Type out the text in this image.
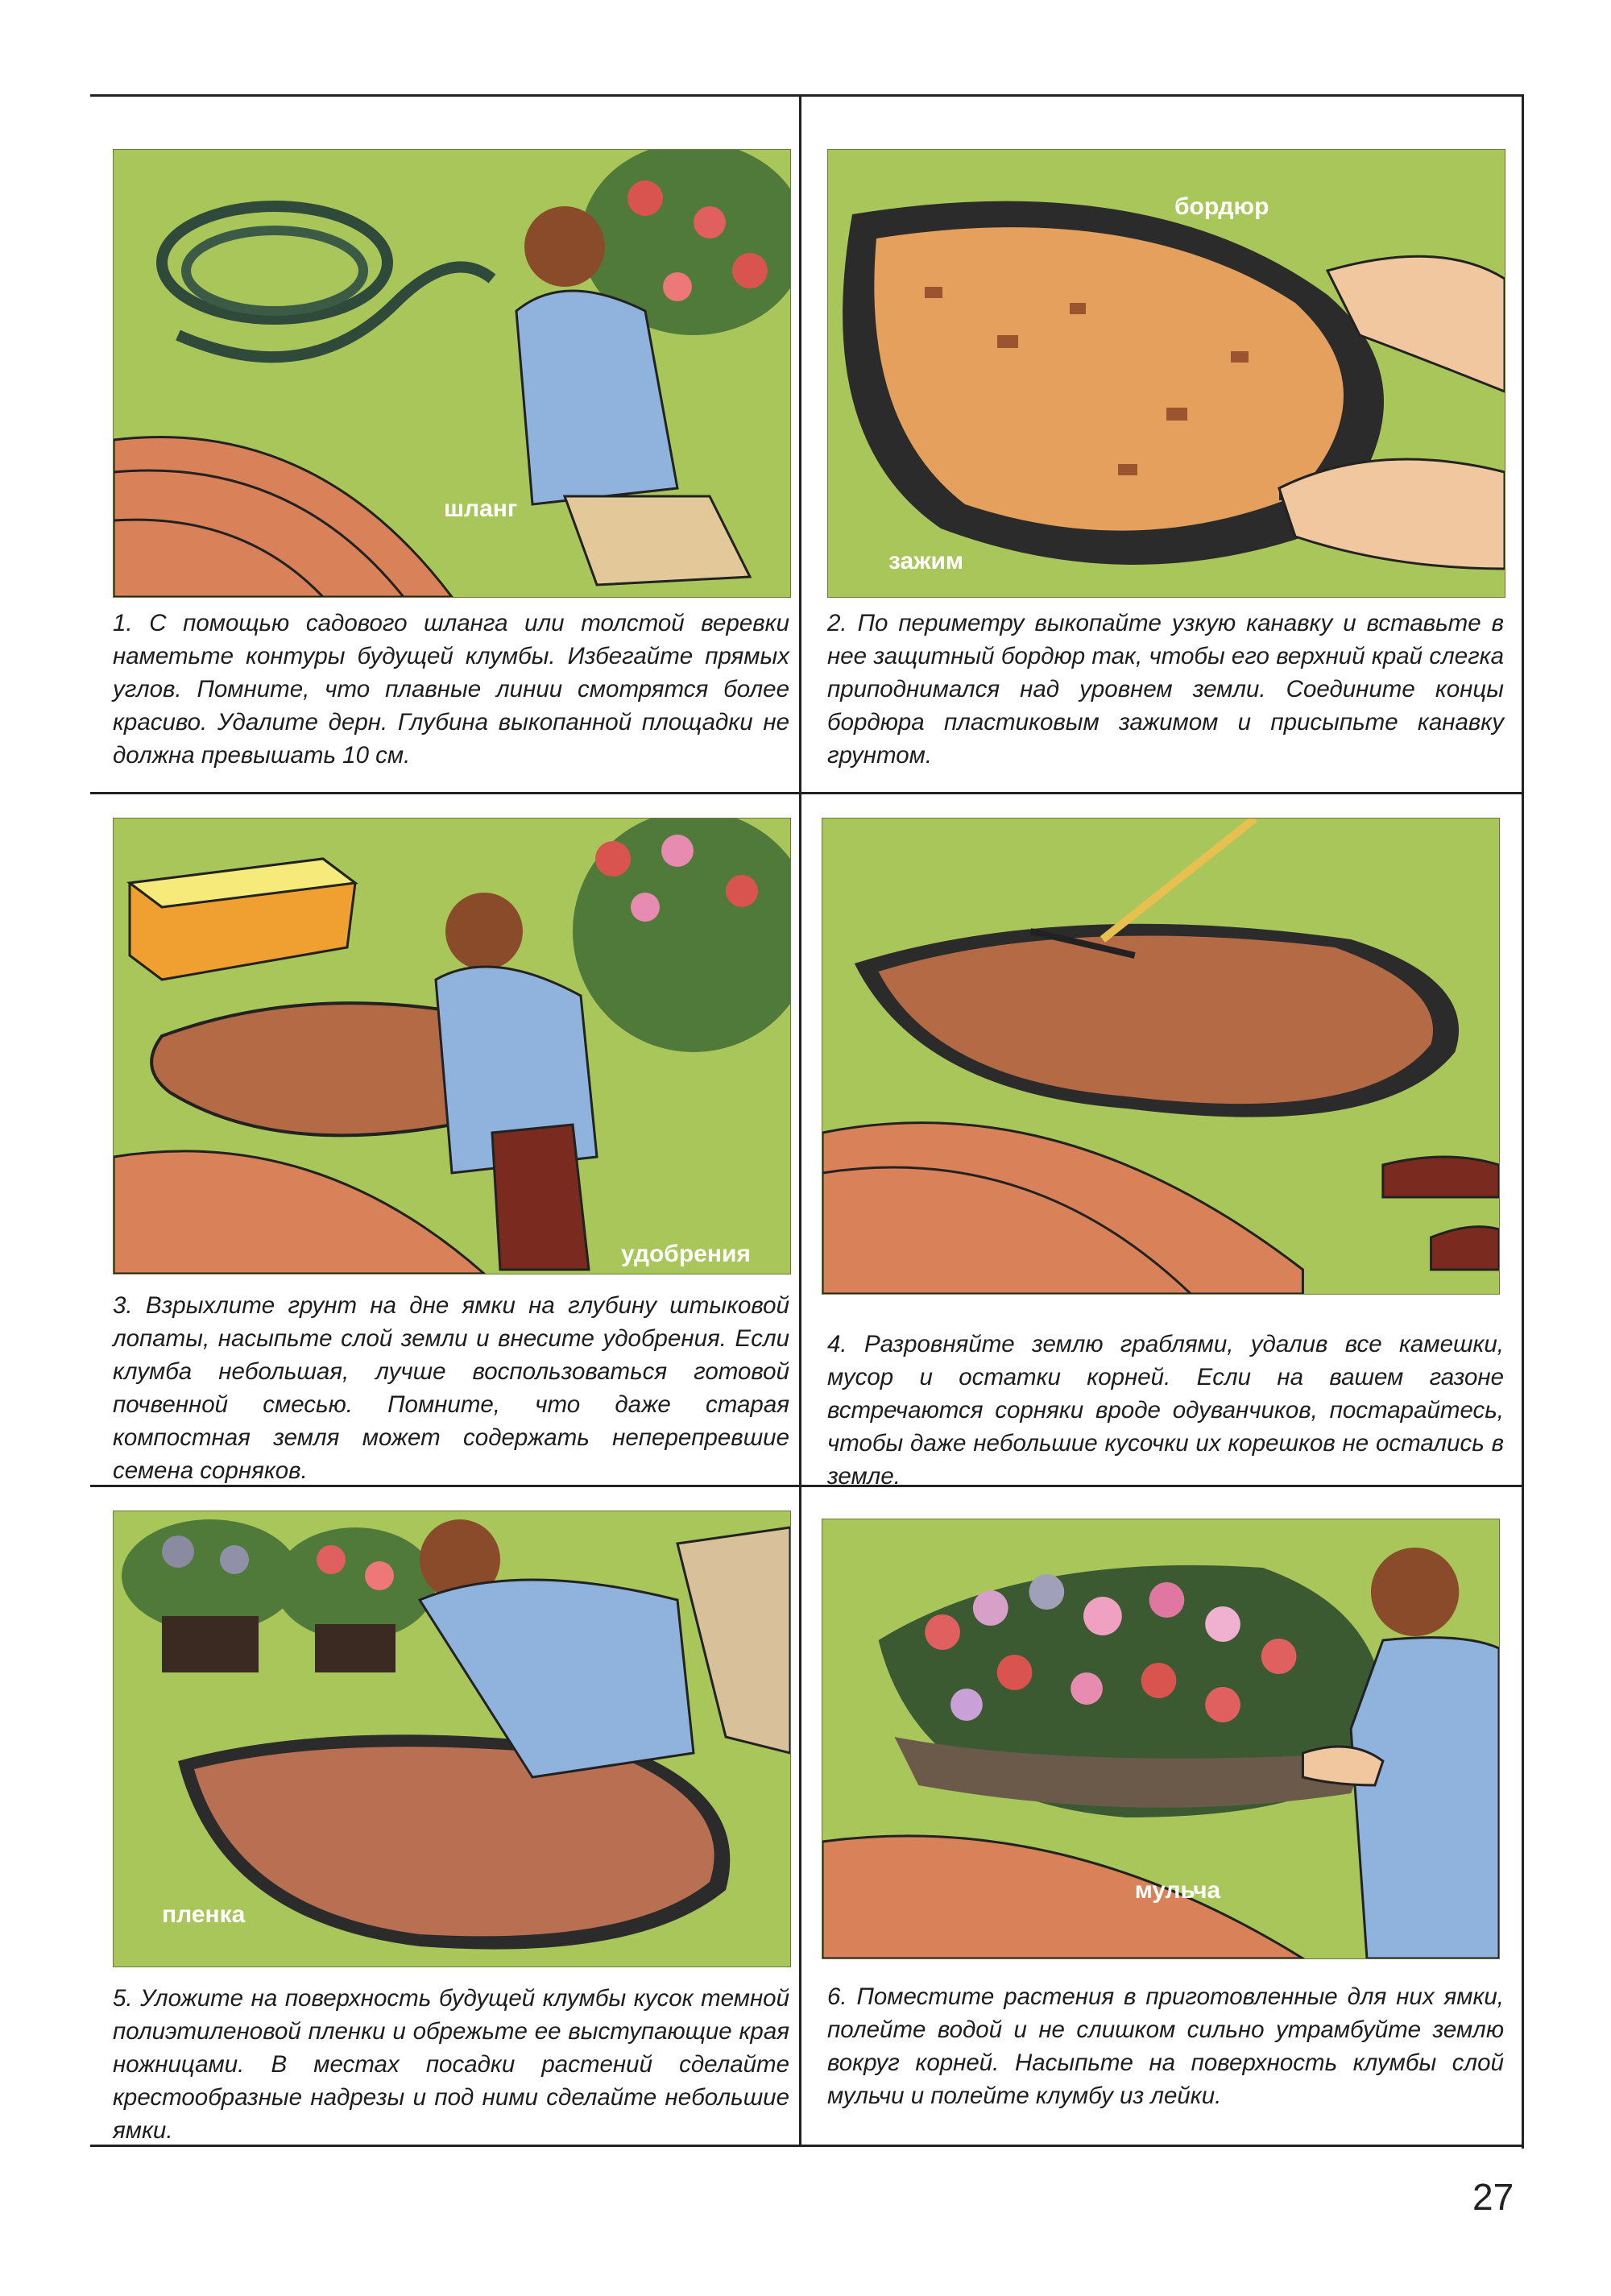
шланг

1. С помощью садового шланга или толстой веревки наметьте контуры будущей клумбы. Избегайте прямых углов. Помните, что плавные линии смотрятся более красиво. Удалите дерн. Глубина выкопанной площадки не должна превышать 10 см.

бордюр
зажим

2. По периметру выкопайте узкую канавку и вставьте в нее защитный бордюр так, чтобы его верхний край слегка приподнимался над уровнем земли. Соедините концы бордюра пластиковым зажимом и присыпьте канавку грунтом.

удобрения

3. Взрыхлите грунт на дне ямки на глубину штыковой лопаты, насыпьте слой земли и внесите удобрения. Если клумба небольшая, лучше воспользоваться готовой почвенной смесью. Помните, что даже старая компостная земля может содержать неперепревшие семена сорняков.

4. Разровняйте землю граблями, удалив все камешки, мусор и остатки корней. Если на вашем газоне встречаются сорняки вроде одуванчиков, постарайтесь, чтобы даже небольшие кусочки их корешков не остались в земле.

пленка

5. Уложите на поверхность будущей клумбы кусок темной полиэтиленовой пленки и обрежьте ее выступающие края ножницами. В местах посадки растений сделайте крестообразные надрезы и под ними сделайте небольшие ямки.

мульча

6. Поместите растения в приготовленные для них ямки, полейте водой и не слишком сильно утрамбуйте землю вокруг корней. Насыпьте на поверхность клумбы слой мульчи и полейте клумбу из лейки.

27
